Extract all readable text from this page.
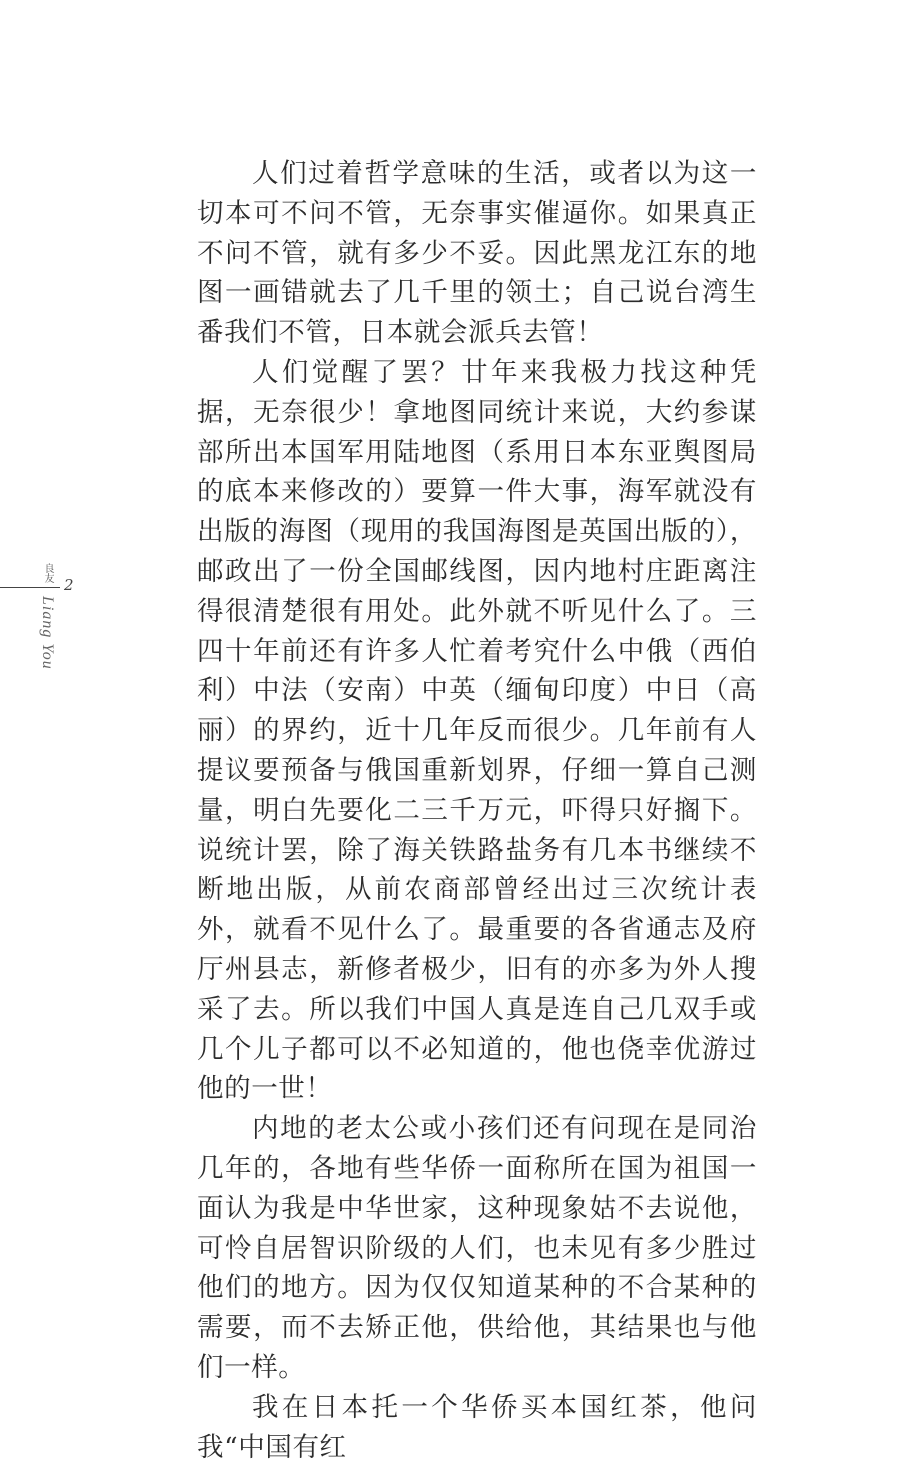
良友
2
Liang You

人们过着哲学意味的生活，或者以为这一切本可不问不管，无奈事实催逼你。如果真正不问不管，就有多少不妥。因此黑龙江东的地图一画错就去了几千里的领土；自己说台湾生番我们不管，日本就会派兵去管！

人们觉醒了罢？廿年来我极力找这种凭据，无奈很少！拿地图同统计来说，大约参谋部所出本国军用陆地图（系用日本东亚舆图局的底本来修改的）要算一件大事，海军就没有出版的海图（现用的我国海图是英国出版的），邮政出了一份全国邮线图，因内地村庄距离注得很清楚很有用处。此外就不听见什么了。三四十年前还有许多人忙着考究什么中俄（西伯利）中法（安南）中英（缅甸印度）中日（高丽）的界约，近十几年反而很少。几年前有人提议要预备与俄国重新划界，仔细一算自己测量，明白先要化二三千万元，吓得只好搁下。说统计罢，除了海关铁路盐务有几本书继续不断地出版，从前农商部曾经出过三次统计表外，就看不见什么了。最重要的各省通志及府厅州县志，新修者极少，旧有的亦多为外人搜采了去。所以我们中国人真是连自己几双手或几个儿子都可以不必知道的，他也侥幸优游过他的一世！

内地的老太公或小孩们还有问现在是同治几年的，各地有些华侨一面称所在国为祖国一面认为我是中华世家，这种现象姑不去说他，可怜自居智识阶级的人们，也未见有多少胜过他们的地方。因为仅仅知道某种的不合某种的需要，而不去矫正他，供给他，其结果也与他们一样。

我在日本托一个华侨买本国红茶，他问我“中国有红
